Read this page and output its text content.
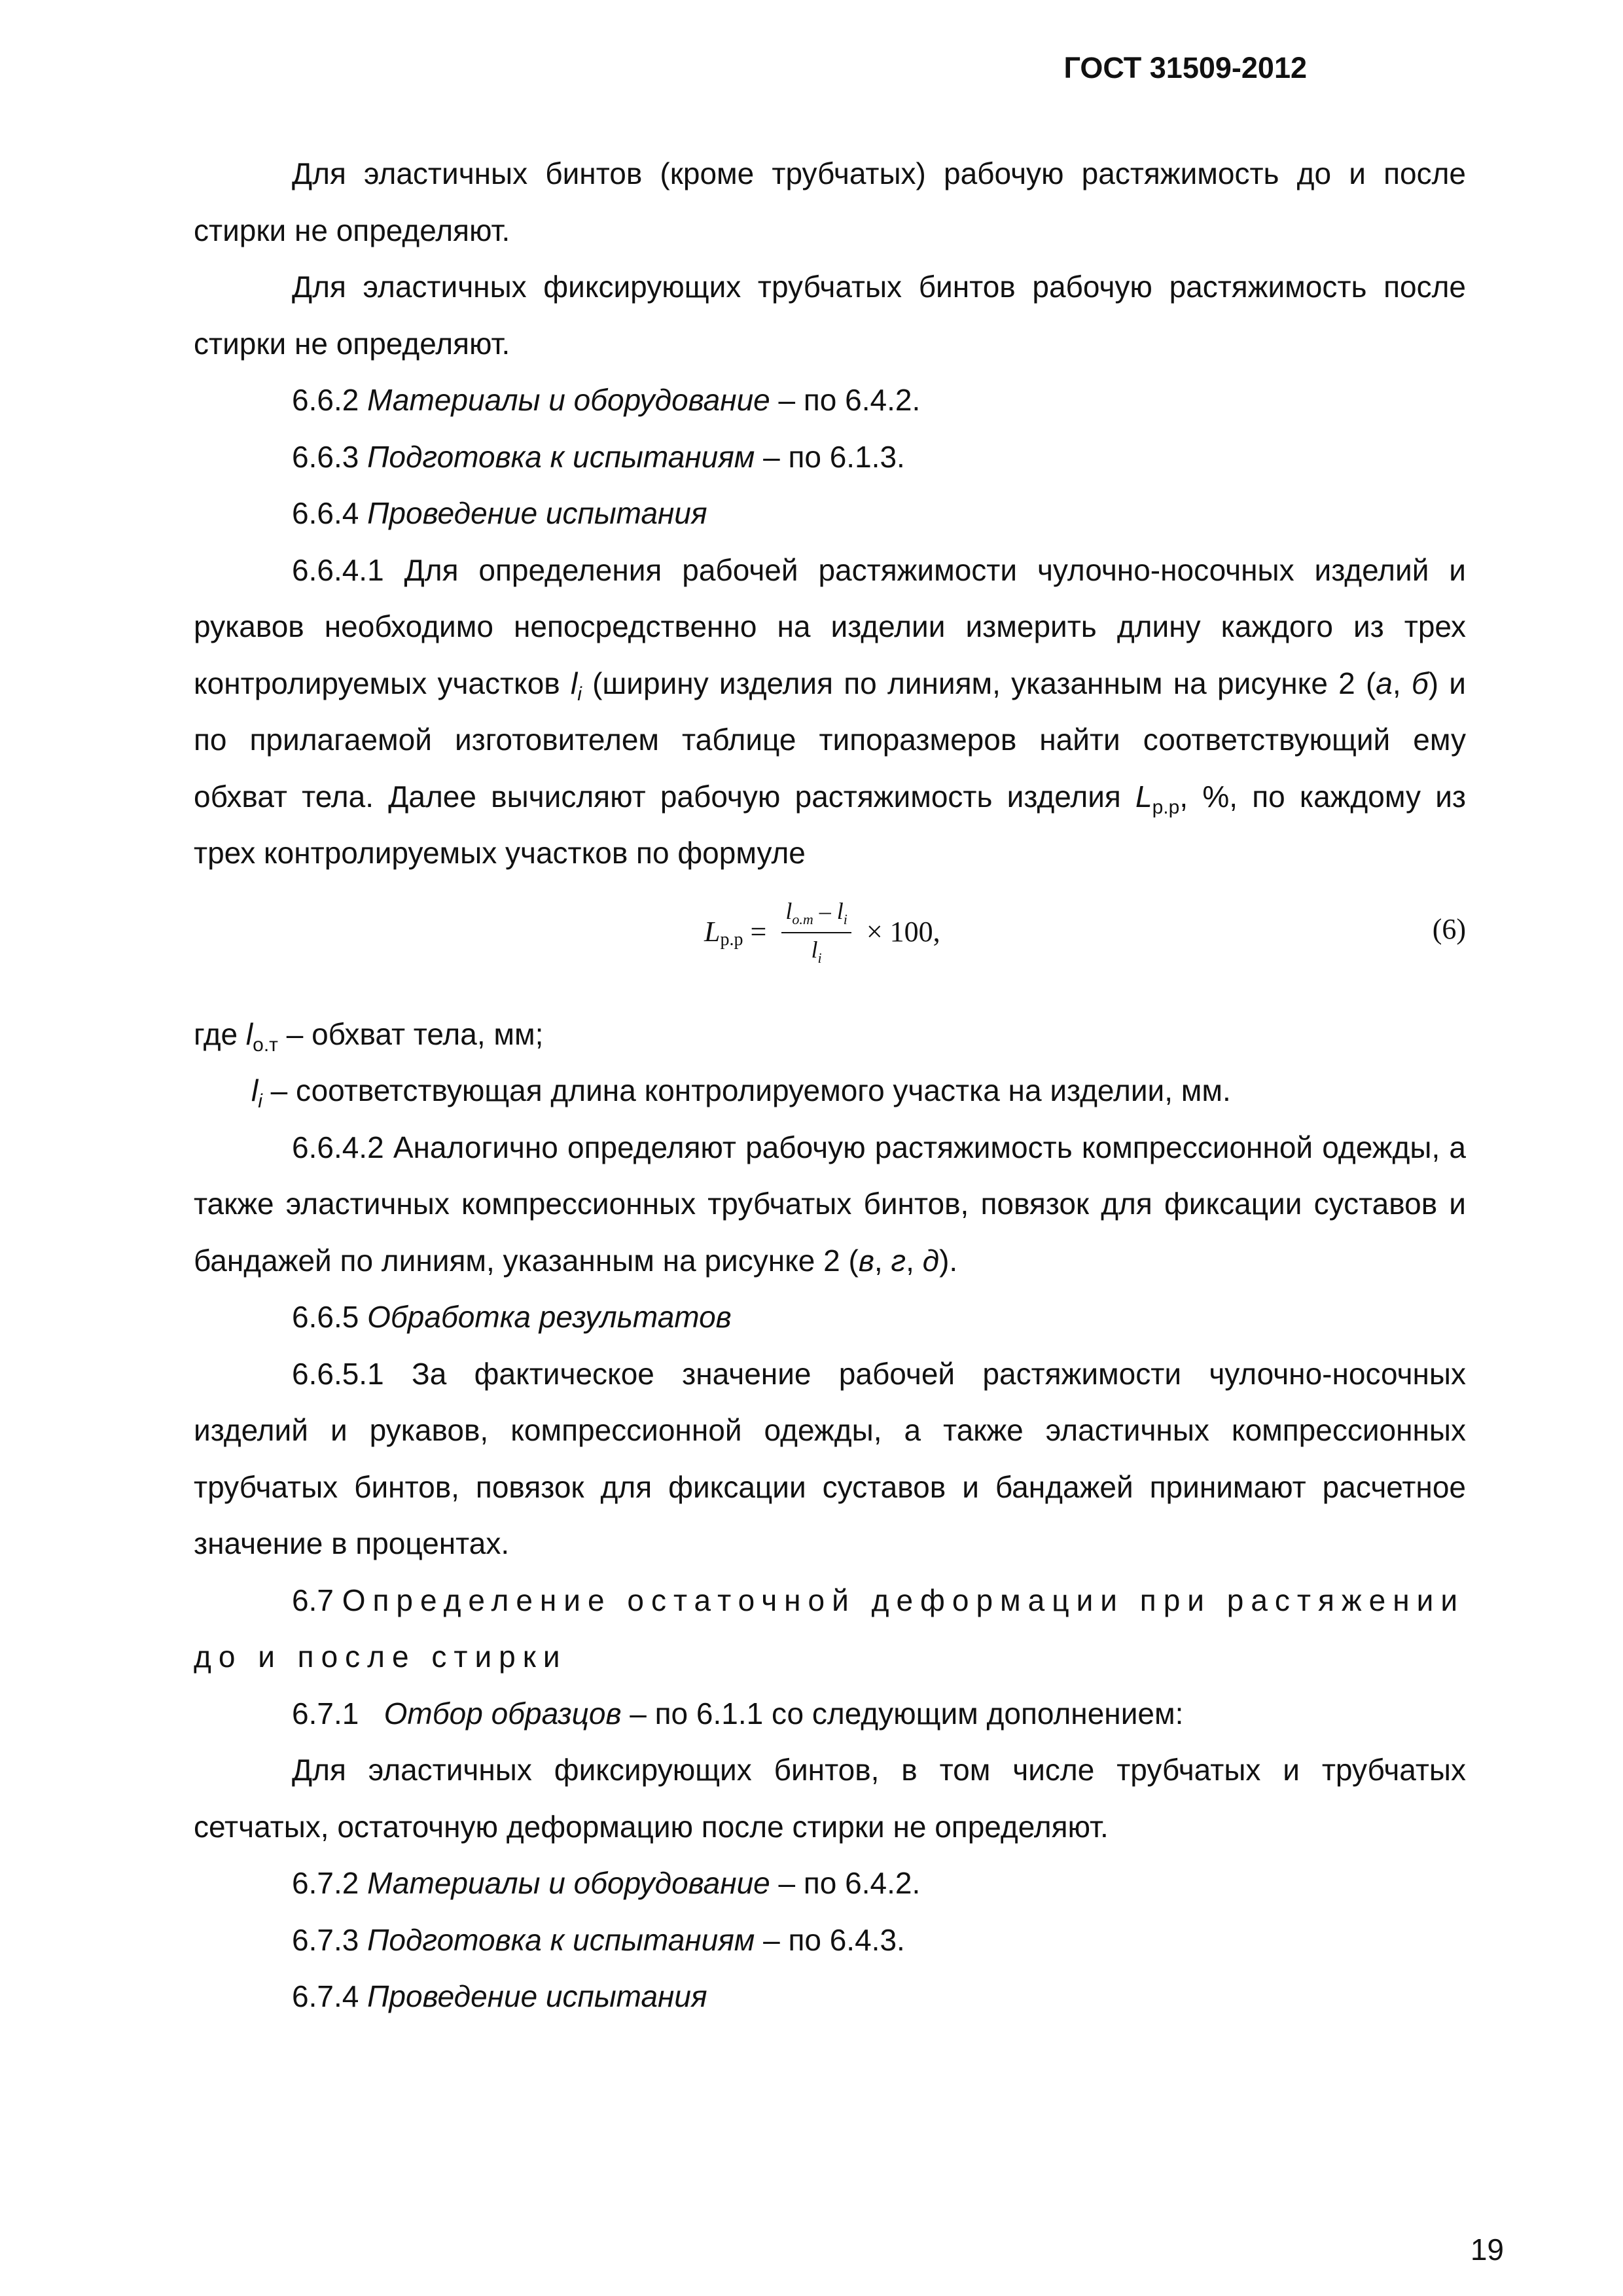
ГОСТ 31509-2012

Для эластичных бинтов (кроме трубчатых) рабочую растяжимость до и после стирки не определяют.

Для эластичных фиксирующих трубчатых бинтов рабочую растяжимость после стирки не определяют.

6.6.2 Материалы и оборудование – по 6.4.2.

6.6.3 Подготовка к испытаниям – по 6.1.3.

6.6.4 Проведение испытания

6.6.4.1 Для определения рабочей растяжимости чулочно-носочных изделий и рукавов необходимо непосредственно на изделии измерить длину каждого из трех контролируемых участков $l_i$ (ширину изделия по линиям, указанным на рисунке 2 (а, б) и по прилагаемой изготовителем таблице типоразмеров найти соответствующий ему обхват тела. Далее вычисляют рабочую растяжимость изделия $L_{р.р}$, %, по каждому из трех контролируемых участков по формуле

L $р.р = \frac{l_{о.т} - l_i}{l_i} \times 100$,	(6)

где $l_{о.т}$ – обхват тела, мм;

$l_i$ – соответствующая длина контролируемого участка на изделии, мм.

6.6.4.2 Аналогично определяют рабочую растяжимость компрессионной одежды, а также эластичных компрессионных трубчатых бинтов, повязок для фиксации суставов и бандажей по линиям, указанным на рисунке 2 (в, г, д).

6.6.5 Обработка результатов

6.6.5.1 За фактическое значение рабочей растяжимости чулочно-носочных изделий и рукавов, компрессионной одежды, а также эластичных компрессионных трубчатых бинтов, повязок для фиксации суставов и бандажей принимают расчетное значение в процентах.

6.7 Определение остаточной деформации при растяжении до и после стирки

6.7.1   Отбор образцов – по 6.1.1 со следующим дополнением:

Для эластичных фиксирующих бинтов, в том числе трубчатых и трубчатых сетчатых, остаточную деформацию после стирки не определяют.

6.7.2 Материалы и оборудование – по 6.4.2.

6.7.3 Подготовка к испытаниям – по 6.4.3.

6.7.4 Проведение испытания

19
